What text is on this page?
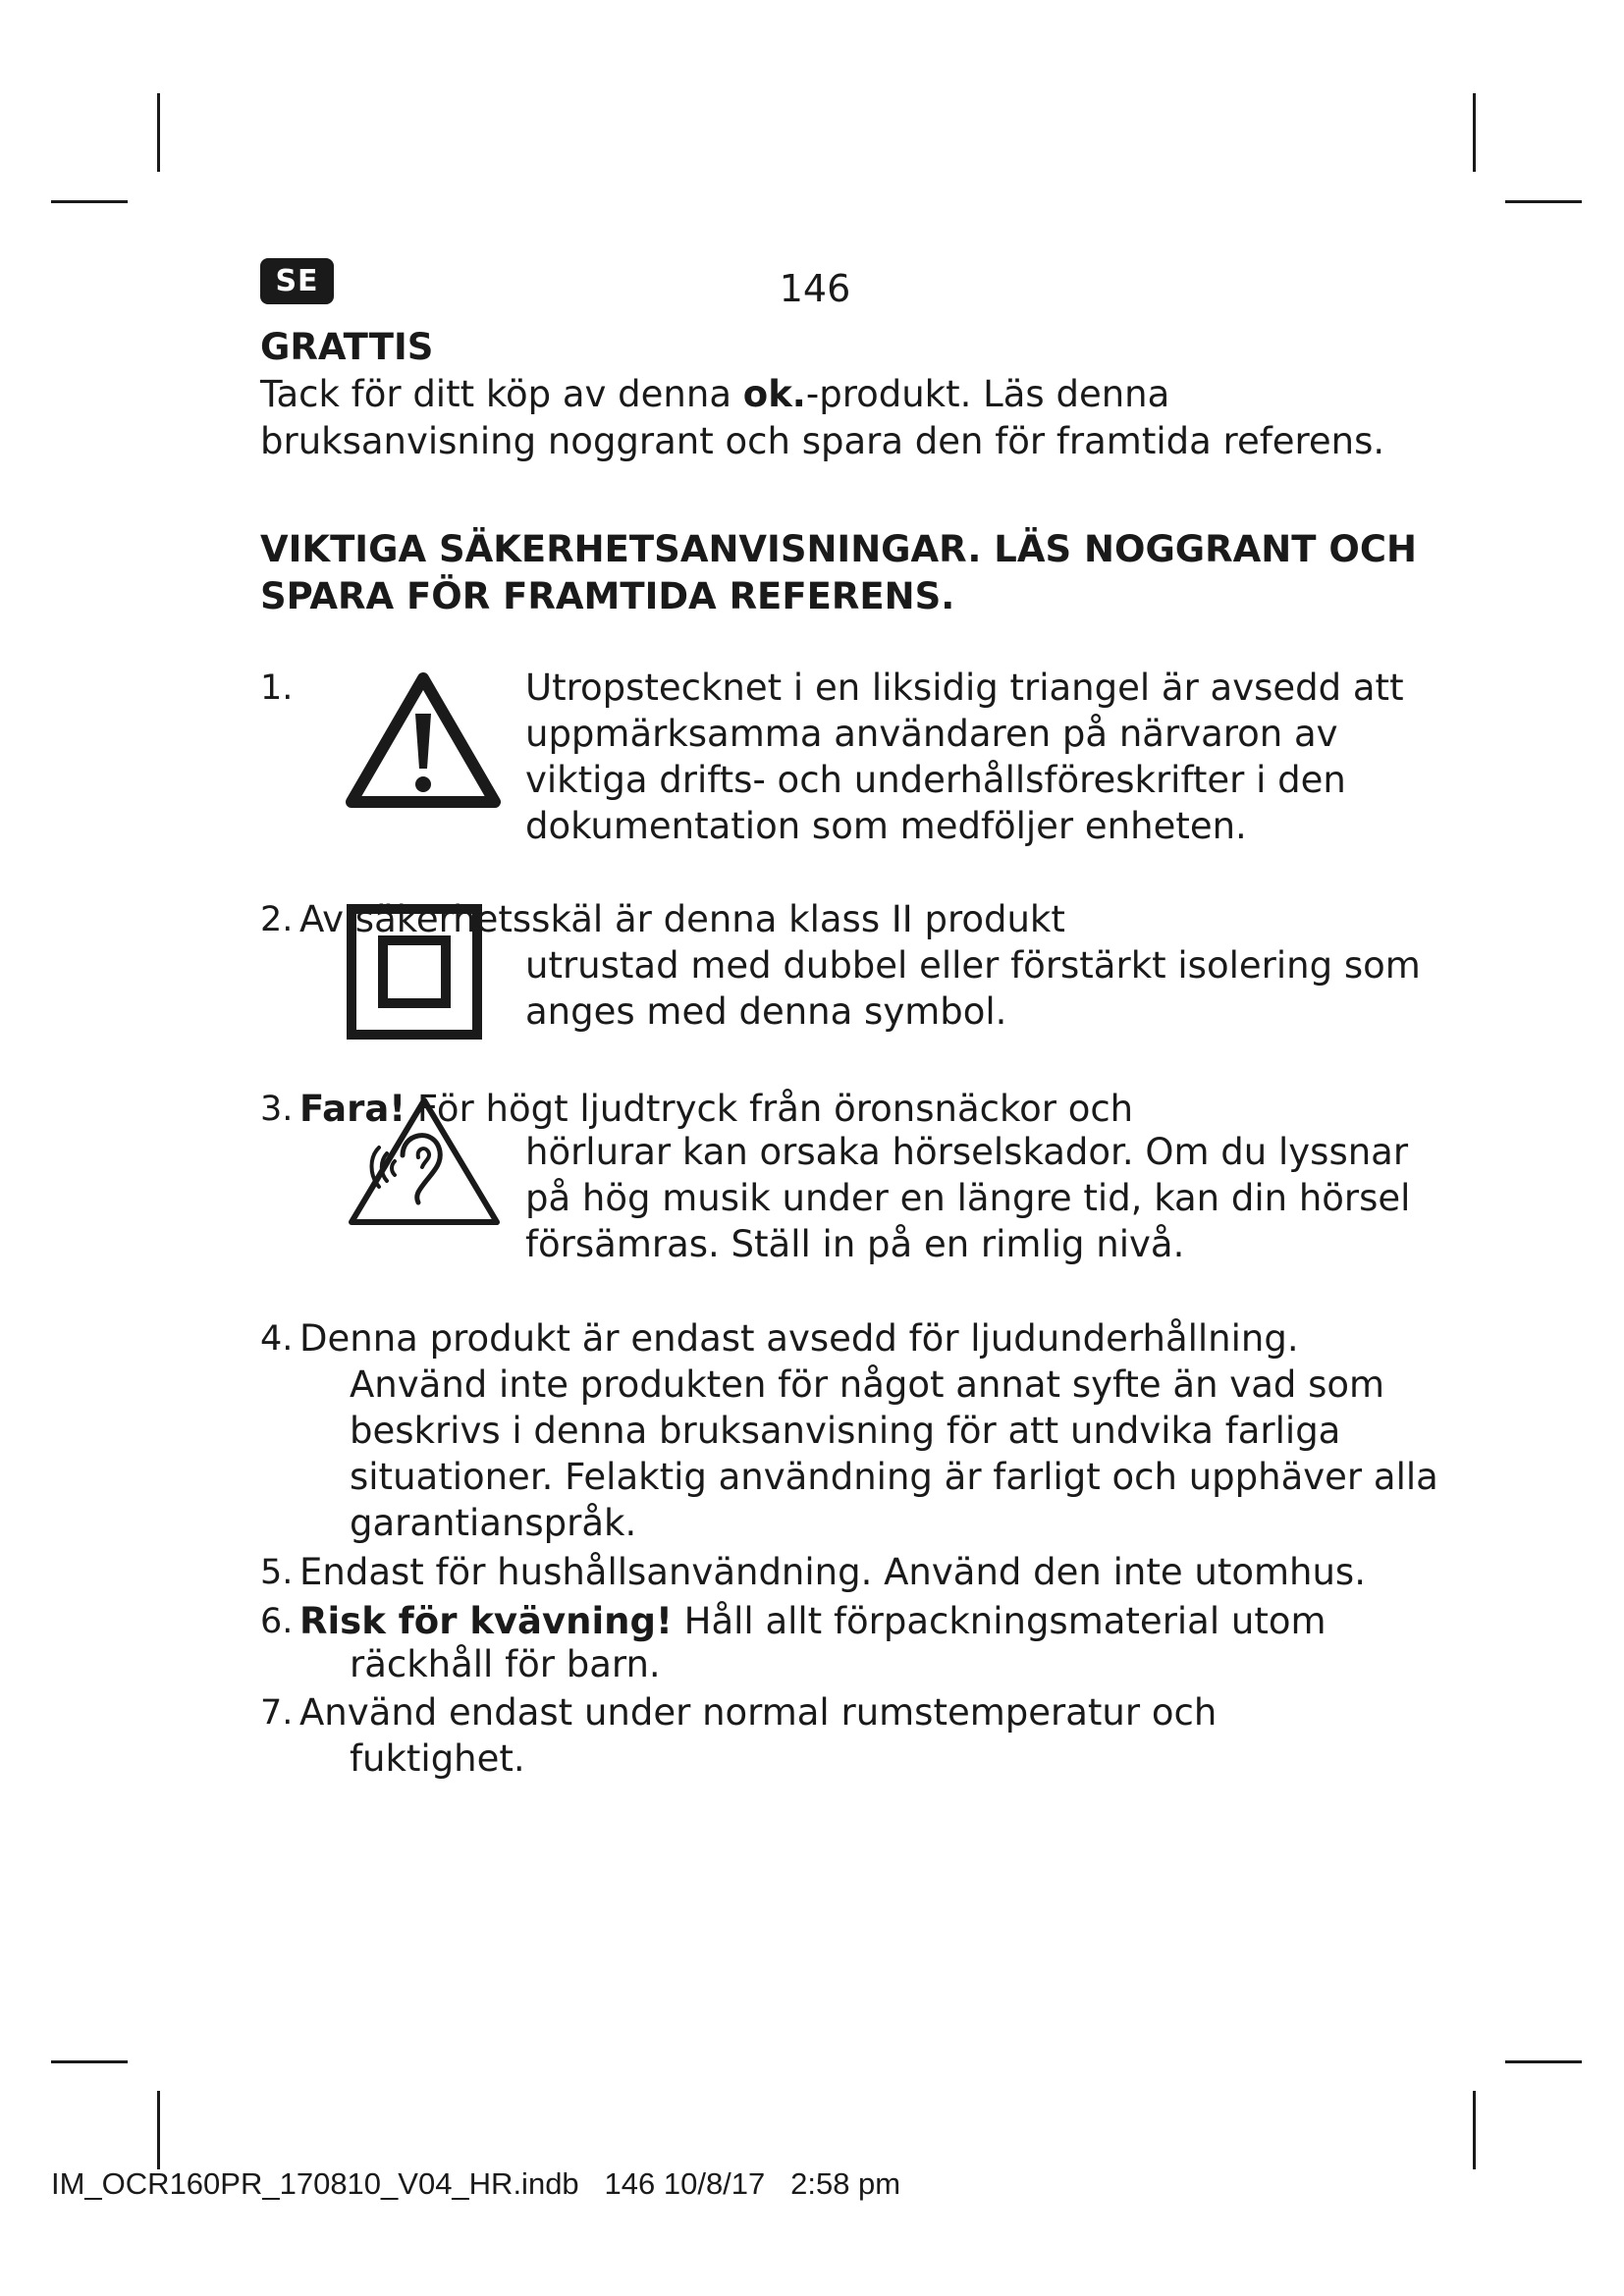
SE	146
GRATTIS
Tack för ditt köp av denna ok.-produkt. Läs denna
bruksanvisning noggrant och spara den för framtida referens.
VIKTIGA SÄKERHETSANVISNINGAR. LÄS NOGGRANT OCH
SPARA FÖR FRAMTIDA REFERENS.
1.	Utropstecknet i en liksidig triangel är avsedd att
uppmärksamma användaren på närvaron av
viktiga drifts- och underhållsföreskrifter i den
dokumentation som medföljer enheten.
2. Av säkerhetsskäl är denna klass II produkt
utrustad med dubbel eller förstärkt isolering som
anges med denna symbol.
3. Fara! För högt ljudtryck från öronsnäckor och
hörlurar kan orsaka hörselskador. Om du lyssnar
på hög musik under en längre tid, kan din hörsel
försämras. Ställ in på en rimlig nivå.
4. Denna produkt är endast avsedd för ljudunderhållning.
Använd inte produkten för något annat syfte än vad som
beskrivs i denna bruksanvisning för att undvika farliga
situationer. Felaktig användning är farligt och upphäver alla
garantianspråk.
5. Endast för hushållsanvändning. Använd den inte utomhus.
6. Risk för kvävning! Håll allt förpackningsmaterial utom
räckhåll för barn.
7. Använd endast under normal rumstemperatur och
fuktighet.
IM_OCR160PR_170810_V04_HR.indb   146 10/8/17   2:58 pm
